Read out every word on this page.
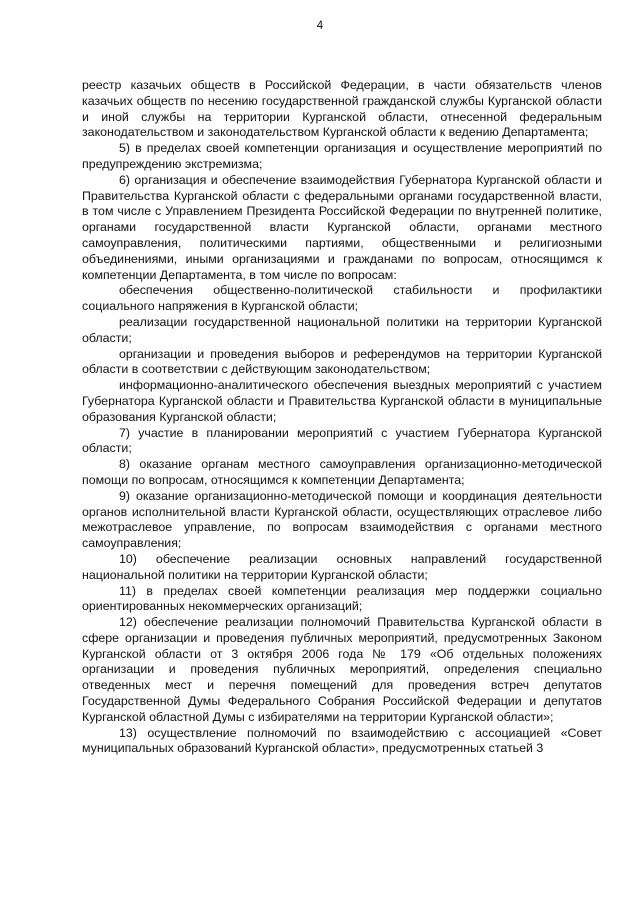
4

реестр казачьих обществ в Российской Федерации, в части обязательств членов казачьих обществ по несению государственной гражданской службы Курганской области и иной службы на территории Курганской области, отнесенной федеральным законодательством и законодательством Курганской области к ведению Департамента;

5) в пределах своей компетенции организация и осуществление мероприятий по предупреждению экстремизма;

6) организация и обеспечение взаимодействия Губернатора Курганской области и Правительства Курганской области с федеральными органами государственной власти, в том числе с Управлением Президента Российской Федерации по внутренней политике, органами государственной власти Курганской области, органами местного самоуправления, политическими партиями, общественными и религиозными объединениями, иными организациями и гражданами по вопросам, относящимся к компетенции Департамента, в том числе по вопросам:

обеспечения общественно-политической стабильности и профилактики социального напряжения в Курганской области;

реализации государственной национальной политики на территории Курганской области;

организации и проведения выборов и референдумов на территории Курганской области в соответствии с действующим законодательством;

информационно-аналитического обеспечения выездных мероприятий с участием Губернатора Курганской области и Правительства Курганской области в муниципальные образования Курганской области;

7) участие в планировании мероприятий с участием Губернатора Курганской области;

8) оказание органам местного самоуправления организационно-методической помощи по вопросам, относящимся к компетенции Департамента;

9) оказание организационно-методической помощи и координация деятельности органов исполнительной власти Курганской области, осуществляющих отраслевое либо межотраслевое управление, по вопросам взаимодействия с органами местного самоуправления;

10) обеспечение реализации основных направлений государственной национальной политики на территории Курганской области;

11) в пределах своей компетенции реализация мер поддержки социально ориентированных некоммерческих организаций;

12) обеспечение реализации полномочий Правительства Курганской области в сфере организации и проведения публичных мероприятий, предусмотренных Законом Курганской области от 3 октября 2006 года № 179 «Об отдельных положениях организации и проведения публичных мероприятий, определения специально отведенных мест и перечня помещений для проведения встреч депутатов Государственной Думы Федерального Собрания Российской Федерации и депутатов Курганской областной Думы с избирателями на территории Курганской области»;

13) осуществление полномочий по взаимодействию с ассоциацией «Совет муниципальных образований Курганской области», предусмотренных статьей 3
